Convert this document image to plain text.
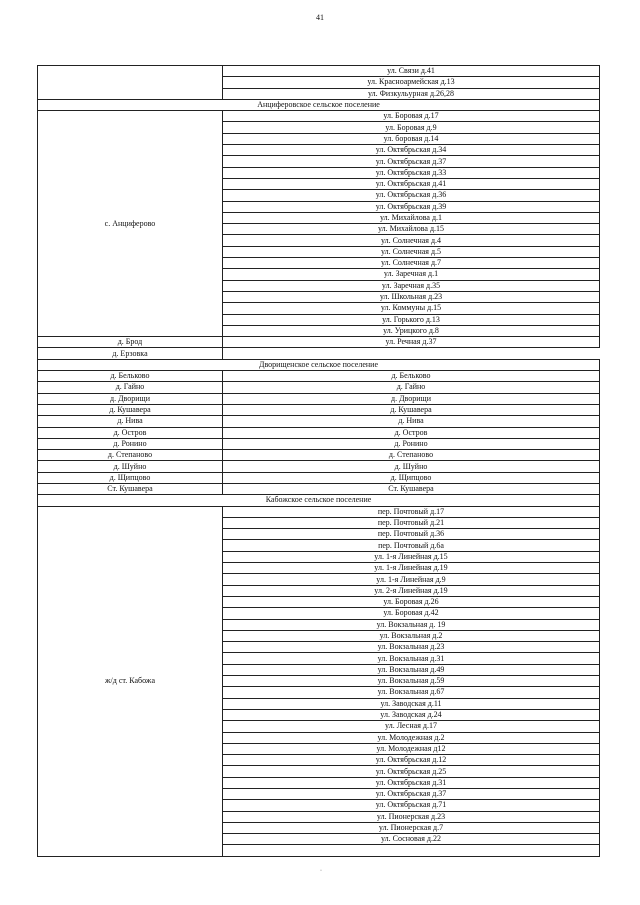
41
	ул. Связи д.41
	ул. Красноармейская д.13
	ул. Физкульурная д.26,28
Анциферовское сельское поселение	
с. Анциферово	ул. Боровая д.17
	ул. Боровая д.9
	ул. боровая д.14
	ул. Октябрьская д.34
	ул. Октябрьская д.37
	ул. Октябрьская д.33
	ул. Октябрьская д.41
	ул. Октябрьская д.36
	ул. Октябрьская д.39
	ул. Михайлова д.1
	ул. Михайлова д.15
	ул. Солнечная д.4
	ул. Солнечная д.5
	ул. Солнечная д.7
	ул. Заречная д.1
	ул. Заречная д.35
	ул. Школьная д.23
	ул. Коммуны д.15
	ул. Горького д.13
	ул. Урицкого д.8
д. Брод	ул. Речная д.37
д. Ерзовка	
Дворищенское сельское поселение	
д. Бельково	д. Бельково
д. Гайно	д. Гайно
д. Дворищи	д. Дворищи
д. Кушавера	д. Кушавера
д. Нива	д. Нива
д. Остров	д. Остров
д. Ронино	д. Ронино
д. Степаново	д. Степаново
д. Шуйно	д. Шуйно
д. Щипцово	д. Щипцово
Ст. Кушавера	Ст. Кушавера
Кабожское сельское поселение	
ж/д ст. Кабожа	пер. Почтовый д.17
	пер. Почтовый д.21
	пер. Почтовый д.36
	пер. Почтовый д.6а
	ул. 1-я Линейная д.15
	ул. 1-я Линейная д.19
	ул. 1-я Линейная д.9
	ул. 2-я Линейная д.19
	ул. Боровая д.26
	ул. Боровая д.42
	ул. Вокзальная д. 19
	ул. Вокзальная д.2
	ул. Вокзальная д.23
	ул. Вокзальная д.31
	ул. Вокзальная д.49
	ул. Вокзальная д.59
	ул. Вокзальная д.67
	ул. Заводская д.11
	ул. Заводская д.24
	ул. Лесная д.17
	ул. Молодежная д.2
	ул. Молодежная д12
	ул. Октябрьская д.12
	ул. Октябрьская д.25
	ул. Октябрьская д.31
	ул. Октябрьская д.37
	ул. Октябрьская д.71
	ул. Пионерская д.23
	ул. Пионерская д.7
	ул. Сосновая д.22

·
